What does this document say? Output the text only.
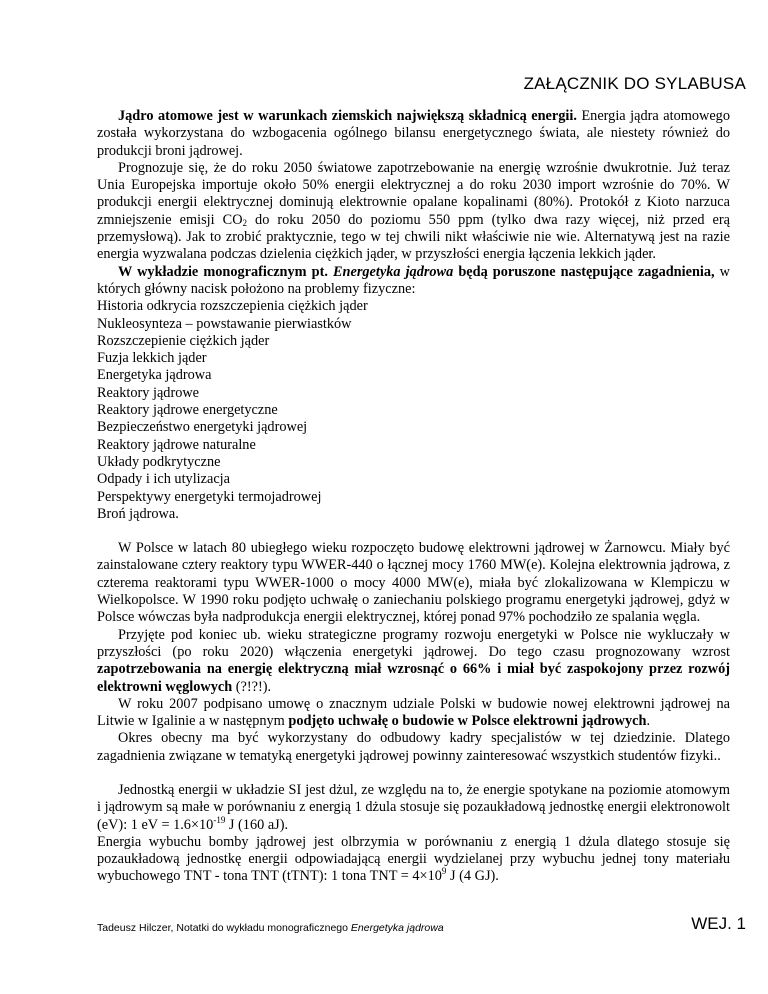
ZAŁĄCZNIK DO SYLABUSA

Jądro atomowe jest w warunkach ziemskich największą składnicą energii. Energia jądra atomowego została wykorzystana do wzbogacenia ogólnego bilansu energetycznego świata, ale niestety również do produkcji broni jądrowej.

Prognozuje się, że do roku 2050 światowe zapotrzebowanie na energię wzrośnie dwukrotnie. Już teraz Unia Europejska importuje około 50% energii elektrycznej a do roku 2030 import wzrośnie do 70%. W produkcji energii elektrycznej dominują elektrownie opalane kopalinami (80%). Protokół z Kioto narzuca zmniejszenie emisji $CO_2$ do roku 2050 do poziomu 550 ppm (tylko dwa razy więcej, niż przed erą przemysłową). Jak to zrobić praktycznie, tego w tej chwili nikt właściwie nie wie. Alternatywą jest na razie energia wyzwalana podczas dzielenia ciężkich jąder, w przyszłości energia łączenia lekkich jąder.

W wykładzie monograficznym pt. Energetyka jądrowa będą poruszone następujące zagadnienia, w których główny nacisk położono na problemy fizyczne:

Historia odkrycia rozszczepienia ciężkich jąder
Nukleosynteza – powstawanie pierwiastków
Rozszczepienie ciężkich jąder
Fuzja lekkich jąder
Energetyka jądrowa
Reaktory jądrowe
Reaktory jądrowe energetyczne
Bezpieczeństwo energetyki jądrowej
Reaktory jądrowe naturalne
Układy podkrytyczne
Odpady i ich utylizacja
Perspektywy energetyki termojadrowej
Broń jądrowa.

W Polsce w latach 80 ubiegłego wieku rozpoczęto budowę elektrowni jądrowej w Żarnowcu. Miały być zainstalowane cztery reaktory typu WWER-440 o łącznej mocy 1760 MW(e). Kolejna elektrownia jądrowa, z czterema reaktorami typu WWER-1000 o mocy 4000 MW(e), miała być zlokalizowana w Klempiczu w Wielkopolsce. W 1990 roku podjęto uchwałę o zaniechaniu polskiego programu energetyki jądrowej, gdyż w Polsce wówczas była nadprodukcja energii elektrycznej, której ponad 97% pochodziło ze spalania węgla.

Przyjęte pod koniec ub. wieku strategiczne programy rozwoju energetyki w Polsce nie wykluczały w przyszłości (po roku 2020) włączenia energetyki jądrowej. Do tego czasu prognozowany wzrost zapotrzebowania na energię elektryczną miał wzrosnąć o 66% i miał być zaspokojony przez rozwój elektrowni węglowych (?!?!).

W roku 2007 podpisano umowę o znacznym udziale Polski w budowie nowej elektrowni jądrowej na Litwie w Igalinie a w następnym podjęto uchwałę o budowie w Polsce elektrowni jądrowych.

Okres obecny ma być wykorzystany do odbudowy kadry specjalistów w tej dziedzinie. Dlatego zagadnienia związane w tematyką energetyki jądrowej powinny zainteresować wszystkich studentów fizyki..

Jednostką energii w układzie SI jest dżul, ze względu na to, że energie spotykane na poziomie atomowym i jądrowym są małe w porównaniu z energią 1 dżula stosuje się pozaukładową jednostkę energii elektronowolt (eV): 1 eV = $1.6\times 10^{-19}$ J (160 aJ).

Energia wybuchu bomby jądrowej jest olbrzymia w porównaniu z energią 1 dżula dlatego stosuje się pozaukładową jednostkę energii odpowiadającą energii wydzielanej przy wybuchu jednej tony materiału wybuchowego TNT - tona TNT (tTNT): 1 tona TNT = $4\times 10^9$ J (4 GJ).

Tadeusz Hilczer, Notatki do wykładu monograficznego Energetyka jądrowa	WEJ. 1
